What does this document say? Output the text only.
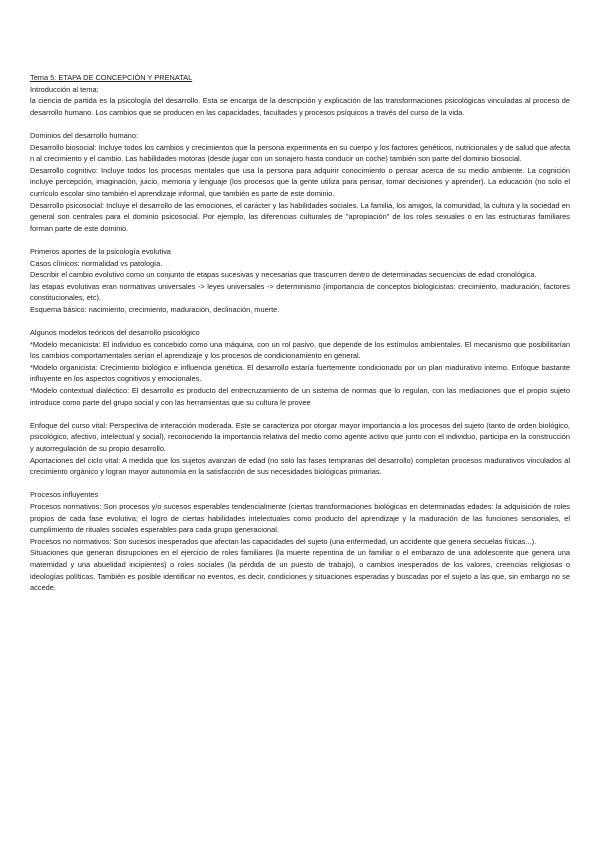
Tema 5: ETAPA DE CONCEPCIÓN Y PRENATAL

Introducción al tema:

la ciencia de partida es la psicología del desarrollo. Esta se encarga de la descripción y explicación de las transformaciones psicológicas vinculadas al proceso de desarrollo humano. Los cambios que se producen en las capacidades, facultades y procesos psíquicos a través del curso de la vida.

Dominios del desarrollo humano:

Desarrollo biosocial: Incluye todos los cambios y crecimientos que la persona experimenta en su cuerpo y los factores genéticos, nutricionales y de salud que afecta n al crecimiento y el cambio. Las habilidades motoras (desde jugar con un sonajero hasta conducir un coche) también son parte del dominio biosocial.

Desarrollo cognitivo: Incluye todos los procesos mentales que usa la persona para adquirir conocimiento o pensar acerca de su medio ambiente. La cognición incluye percepción, imaginación, juicio, memoria y lenguaje (los procesos que la gente utiliza para pensar, tomar decisiones y aprender). La educación (no solo el currículo escolar sino también el aprendizaje informal, que también es parte de este dominio.

Desarrollo psicosocial: Incluye el desarrollo de las emociones, el carácter y las habilidades sociales. La familia, los amigos, la comunidad, la cultura y la sociedad en general son centrales para el dominio psicosocial. Por ejemplo, las diferencias culturales de "apropiación" de los roles sexuales o en las estructuras familiares forman parte de este dominio.

Primeros aportes de la psicología evolutiva

Casos clínicos: normalidad vs patología.

Describir el cambio evolutivo como un conjunto de etapas sucesivas y necesarias que trascurren dentro de determinadas secuencias de edad cronológica.

las etapas evolutivas eran normativas universales -> leyes universales -> determinismo (importancia de conceptos biologicistas: crecimiento, maduración, factores constitucionales, etc).

Esquema básico: nacimiento, crecimiento, maduración, declinación, muerte.

Algunos modelos teóricos del desarrollo psicológico

*Modelo mecanicista: El individuo es concebido como una máquina, con un rol pasivo, que depende de los estímulos ambientales. El mecanismo que posibilitarían los cambios comportamentales serían el aprendizaje y los procesos de condicionamiento en general.

*Modelo organicista: Crecimiento biológico e influencia genética. El desarrollo estaría fuertemente condicionado por un plan madurativo interno. Enfoque bastante influyente en los aspectos cognitivos y emocionales.

*Modelo contextual dialéctico: El desarrollo es producto del entrecruzamiento de un sistema de normas que lo regulan, con las mediaciones que el propio sujeto introduce como parte del grupo social y con las herramientas que su cultura le provee

Enfoque del curso vital: Perspectiva de interacción moderada. Este se caracteriza por otorgar mayor importancia a los procesos del sujeto (tanto de orden biológico, psicológico, afectivo, intelectual y social), reconociendo la importancia relativa del medio como agente activo que junto con el individuo, participa en la construcción y autorregulación de su propio desarrollo.

Aportaciones del ciclo vital: A medida que los sujetos avanzan de edad (no solo las fases tempranas del desarrollo) completan procesos madurativos vinculados al crecimiento orgánico y logran mayor autonomía en la satisfacción de sus necesidades biológicas primarias.

Procesos influyentes

Procesos normativos: Son procesos y/o sucesos esperables tendencialmente (ciertas transformaciones biológicas en determinadas edades: la adquisición de roles propios de cada fase evolutiva; el logro de ciertas habilidades intelectuales como producto del aprendizaje y la maduración de las funciones sensoriales, el cumplimiento de rituales sociales esperables para cada grupo generacional.

Procesos no normativos: Son sucesos inesperados que afectan las capacidades del sujeto (una enfermedad, un accidente que genera secuelas físicas...).

Situaciones que generan disrupciones en el ejercicio de roles familiares (la muerte repentina de un familiar o el embarazo de una adolescente que genera una maternidad y una abuelidad incipientes) o roles sociales (la pérdida de un puesto de trabajo), o cambios inesperados de los valores, creencias religiosas o ideologías políticas. También es posible identificar no eventos, es decir, condiciones y situaciones esperadas y buscadas por el sujeto a las que, sin embargo no se accede.
